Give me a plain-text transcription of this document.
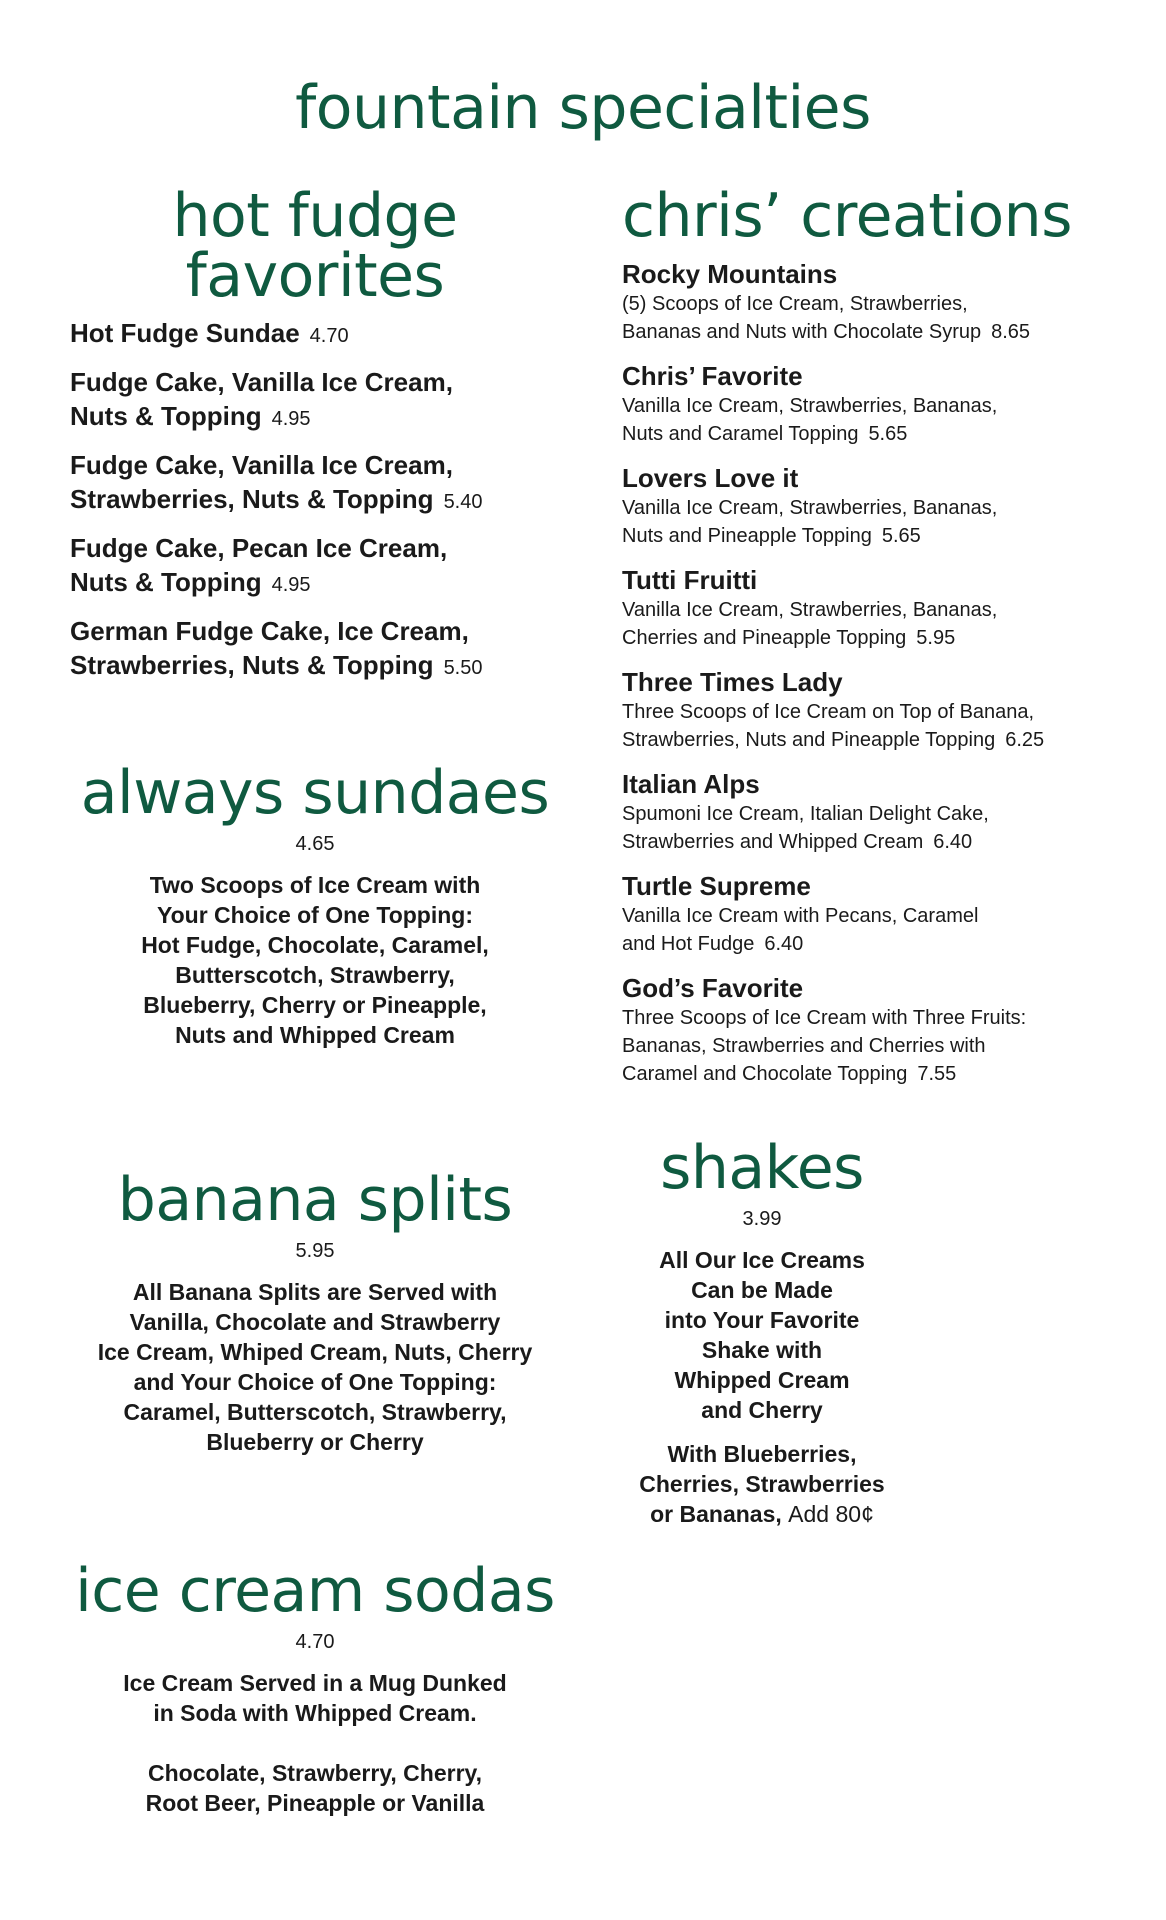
fountain specialties
hot fudge
favorites
Hot Fudge Sundae 4.70
Fudge Cake, Vanilla Ice Cream,
Nuts & Topping 4.95
Fudge Cake, Vanilla Ice Cream,
Strawberries, Nuts & Topping 5.40
Fudge Cake, Pecan Ice Cream,
Nuts & Topping 4.95
German Fudge Cake, Ice Cream,
Strawberries, Nuts & Topping 5.50
always sundaes
4.65

Two Scoops of Ice Cream with

Your Choice of One Topping:

Hot Fudge, Chocolate, Caramel,

Butterscotch, Strawberry,

Blueberry, Cherry or Pineapple,

Nuts and Whipped Cream

banana splits
5.95

All Banana Splits are Served with

Vanilla, Chocolate and Strawberry

Ice Cream, Whiped Cream, Nuts, Cherry

and Your Choice of One Topping:

Caramel, Butterscotch, Strawberry,

Blueberry or Cherry

ice cream sodas
4.70

Ice Cream Served in a Mug Dunked

in Soda with Whipped Cream.

Chocolate, Strawberry, Cherry,

Root Beer, Pineapple or Vanilla

chris’ creations
Rocky Mountains
(5) Scoops of Ice Cream, Strawberries,
Bananas and Nuts with Chocolate Syrup 8.65
Chris’ Favorite
Vanilla Ice Cream, Strawberries, Bananas,
Nuts and Caramel Topping 5.65
Lovers Love it
Vanilla Ice Cream, Strawberries, Bananas,
Nuts and Pineapple Topping 5.65
Tutti Fruitti
Vanilla Ice Cream, Strawberries, Bananas,
Cherries and Pineapple Topping 5.95
Three Times Lady
Three Scoops of Ice Cream on Top of Banana,
Strawberries, Nuts and Pineapple Topping 6.25
Italian Alps
Spumoni Ice Cream, Italian Delight Cake,
Strawberries and Whipped Cream 6.40
Turtle Supreme
Vanilla Ice Cream with Pecans, Caramel
and Hot Fudge 6.40
God’s Favorite
Three Scoops of Ice Cream with Three Fruits:
Bananas, Strawberries and Cherries with
Caramel and Chocolate Topping 7.55
shakes
3.99

All Our Ice Creams

Can be Made

into Your Favorite

Shake with

Whipped Cream

and Cherry

With Blueberries,

Cherries, Strawberries

or Bananas, Add 80¢
